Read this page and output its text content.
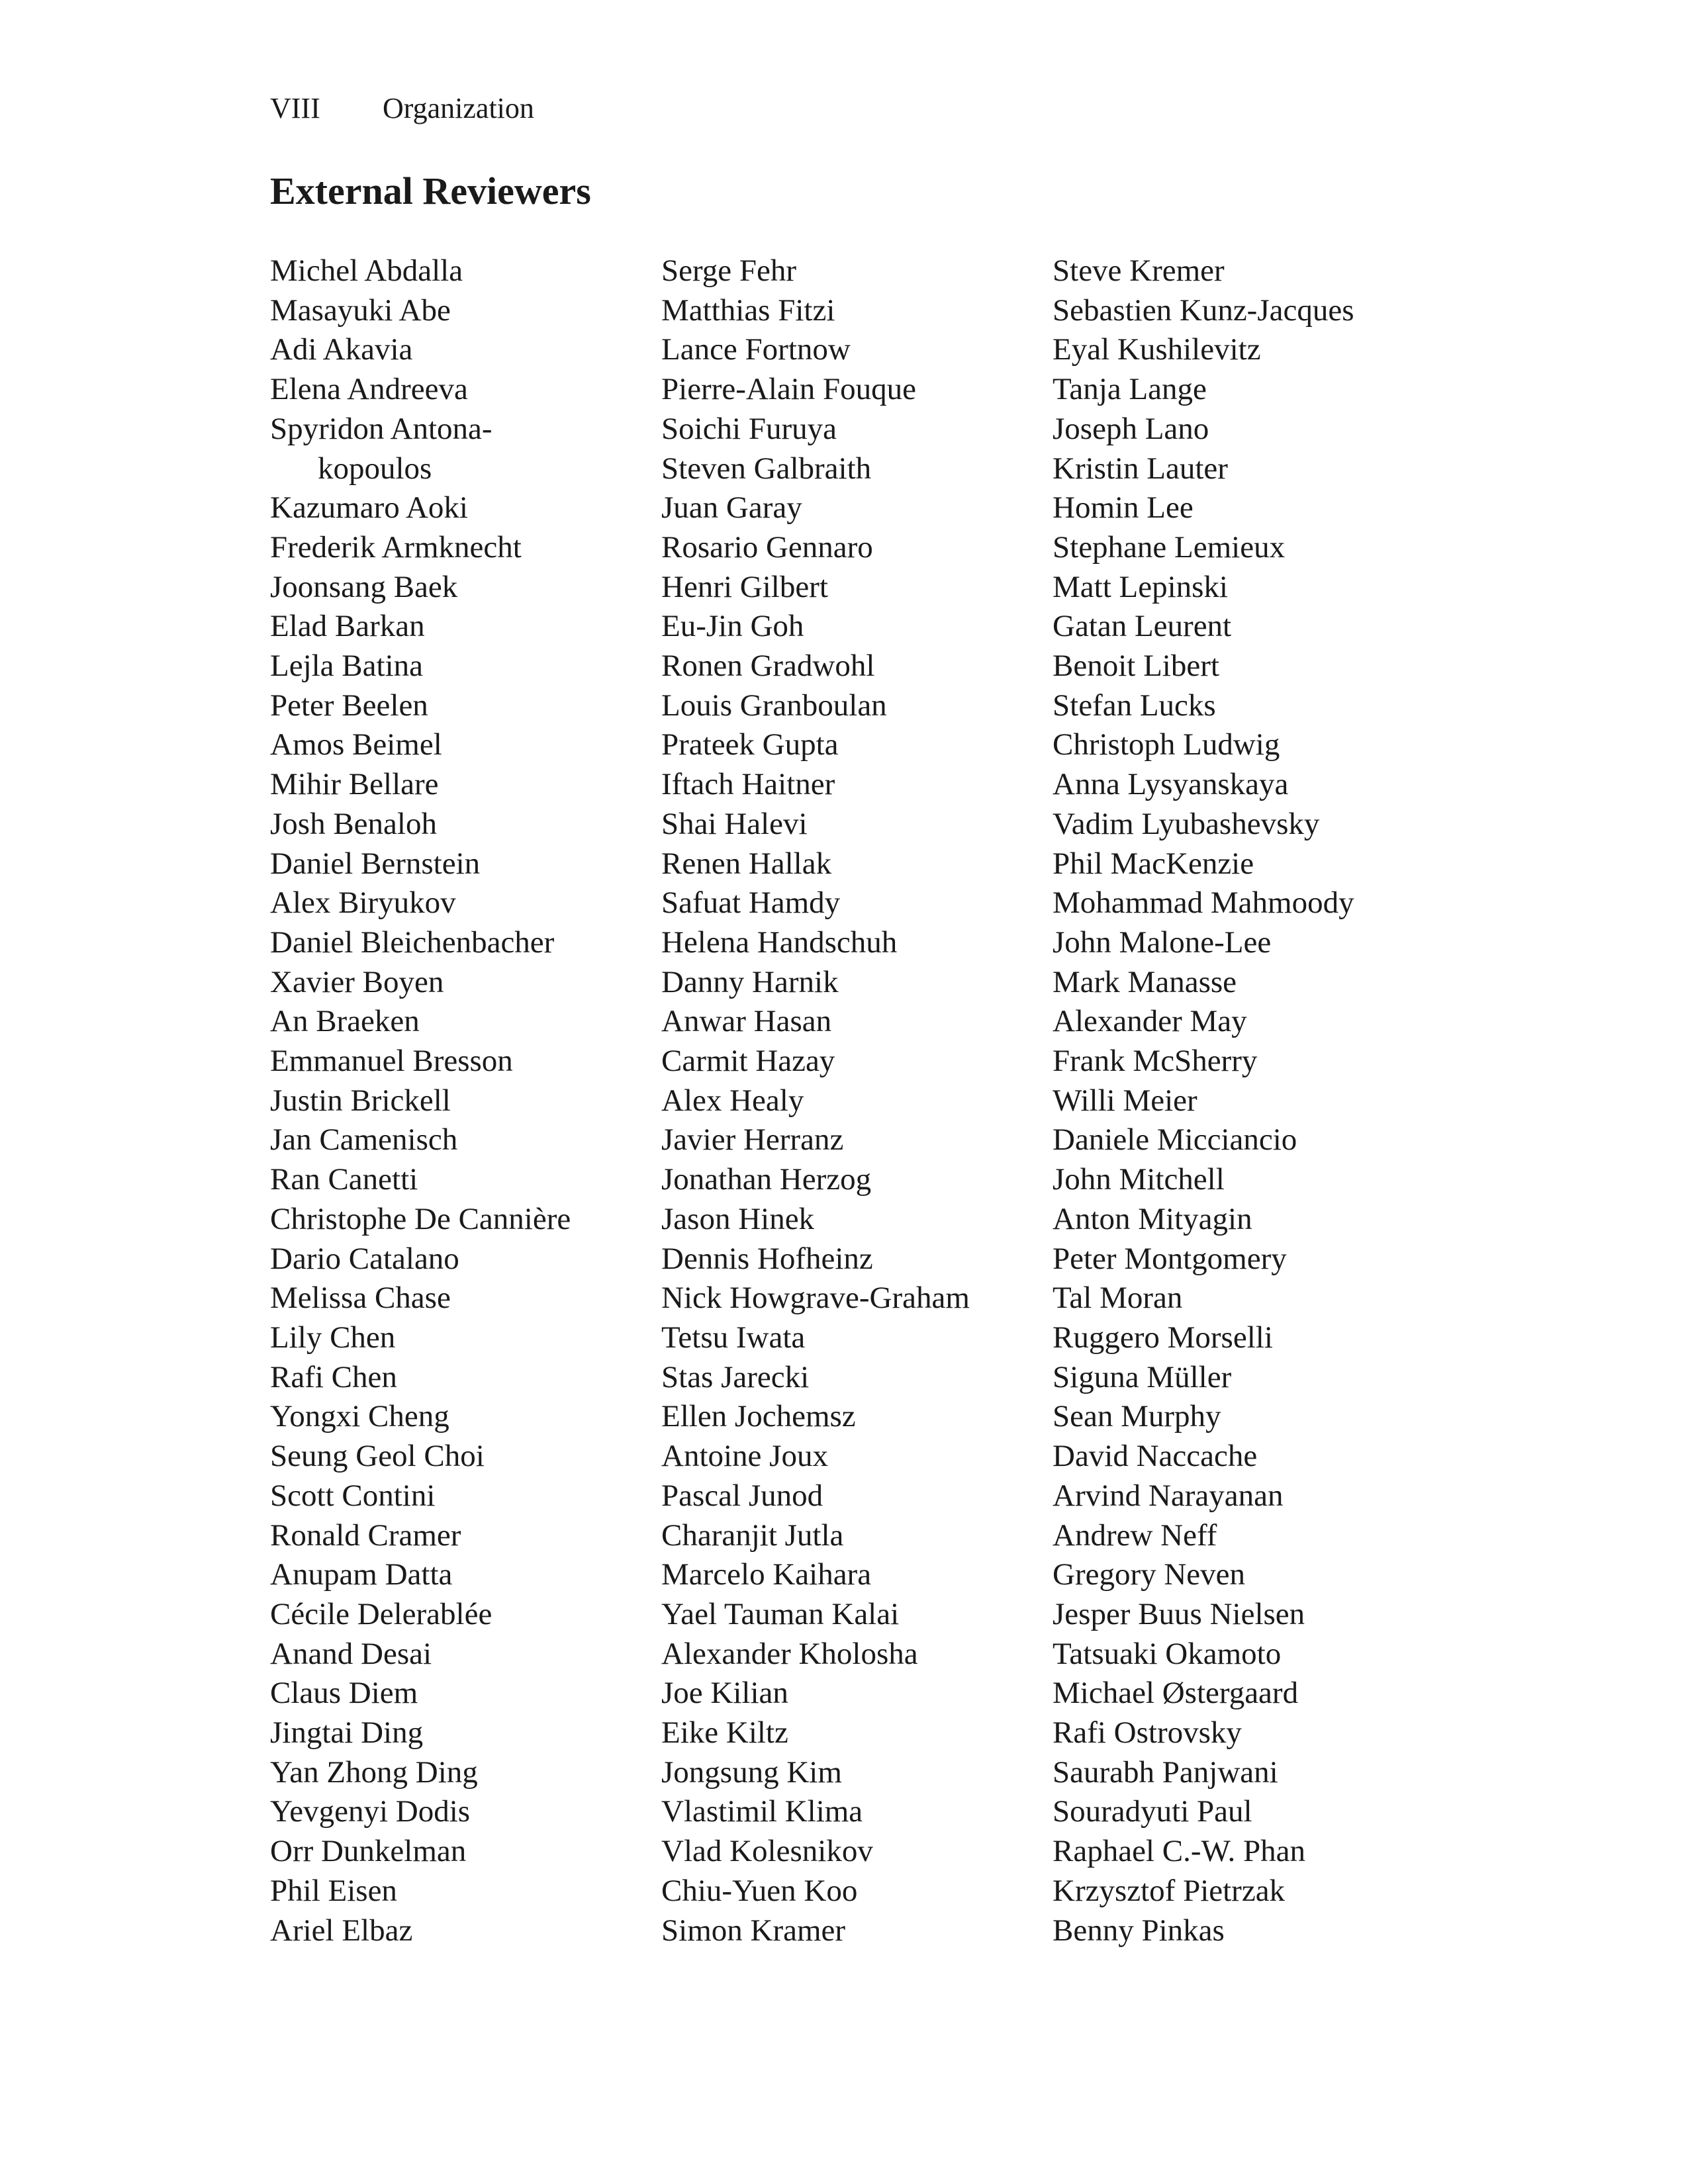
VIII Organization
External Reviewers
Michel Abdalla
Masayuki Abe
Adi Akavia
Elena Andreeva
Spyridon Antona-
kopoulos
Kazumaro Aoki
Frederik Armknecht
Joonsang Baek
Elad Barkan
Lejla Batina
Peter Beelen
Amos Beimel
Mihir Bellare
Josh Benaloh
Daniel Bernstein
Alex Biryukov
Daniel Bleichenbacher
Xavier Boyen
An Braeken
Emmanuel Bresson
Justin Brickell
Jan Camenisch
Ran Canetti
Christophe De Cannière
Dario Catalano
Melissa Chase
Lily Chen
Rafi Chen
Yongxi Cheng
Seung Geol Choi
Scott Contini
Ronald Cramer
Anupam Datta
Cécile Delerablée
Anand Desai
Claus Diem
Jingtai Ding
Yan Zhong Ding
Yevgenyi Dodis
Orr Dunkelman
Phil Eisen
Ariel Elbaz
Serge Fehr
Matthias Fitzi
Lance Fortnow
Pierre-Alain Fouque
Soichi Furuya
Steven Galbraith
Juan Garay
Rosario Gennaro
Henri Gilbert
Eu-Jin Goh
Ronen Gradwohl
Louis Granboulan
Prateek Gupta
Iftach Haitner
Shai Halevi
Renen Hallak
Safuat Hamdy
Helena Handschuh
Danny Harnik
Anwar Hasan
Carmit Hazay
Alex Healy
Javier Herranz
Jonathan Herzog
Jason Hinek
Dennis Hofheinz
Nick Howgrave-Graham
Tetsu Iwata
Stas Jarecki
Ellen Jochemsz
Antoine Joux
Pascal Junod
Charanjit Jutla
Marcelo Kaihara
Yael Tauman Kalai
Alexander Kholosha
Joe Kilian
Eike Kiltz
Jongsung Kim
Vlastimil Klima
Vlad Kolesnikov
Chiu-Yuen Koo
Simon Kramer
Steve Kremer
Sebastien Kunz-Jacques
Eyal Kushilevitz
Tanja Lange
Joseph Lano
Kristin Lauter
Homin Lee
Stephane Lemieux
Matt Lepinski
Gatan Leurent
Benoit Libert
Stefan Lucks
Christoph Ludwig
Anna Lysyanskaya
Vadim Lyubashevsky
Phil MacKenzie
Mohammad Mahmoody
John Malone-Lee
Mark Manasse
Alexander May
Frank McSherry
Willi Meier
Daniele Micciancio
John Mitchell
Anton Mityagin
Peter Montgomery
Tal Moran
Ruggero Morselli
Siguna Müller
Sean Murphy
David Naccache
Arvind Narayanan
Andrew Neff
Gregory Neven
Jesper Buus Nielsen
Tatsuaki Okamoto
Michael Østergaard
Rafi Ostrovsky
Saurabh Panjwani
Souradyuti Paul
Raphael C.-W. Phan
Krzysztof Pietrzak
Benny Pinkas
